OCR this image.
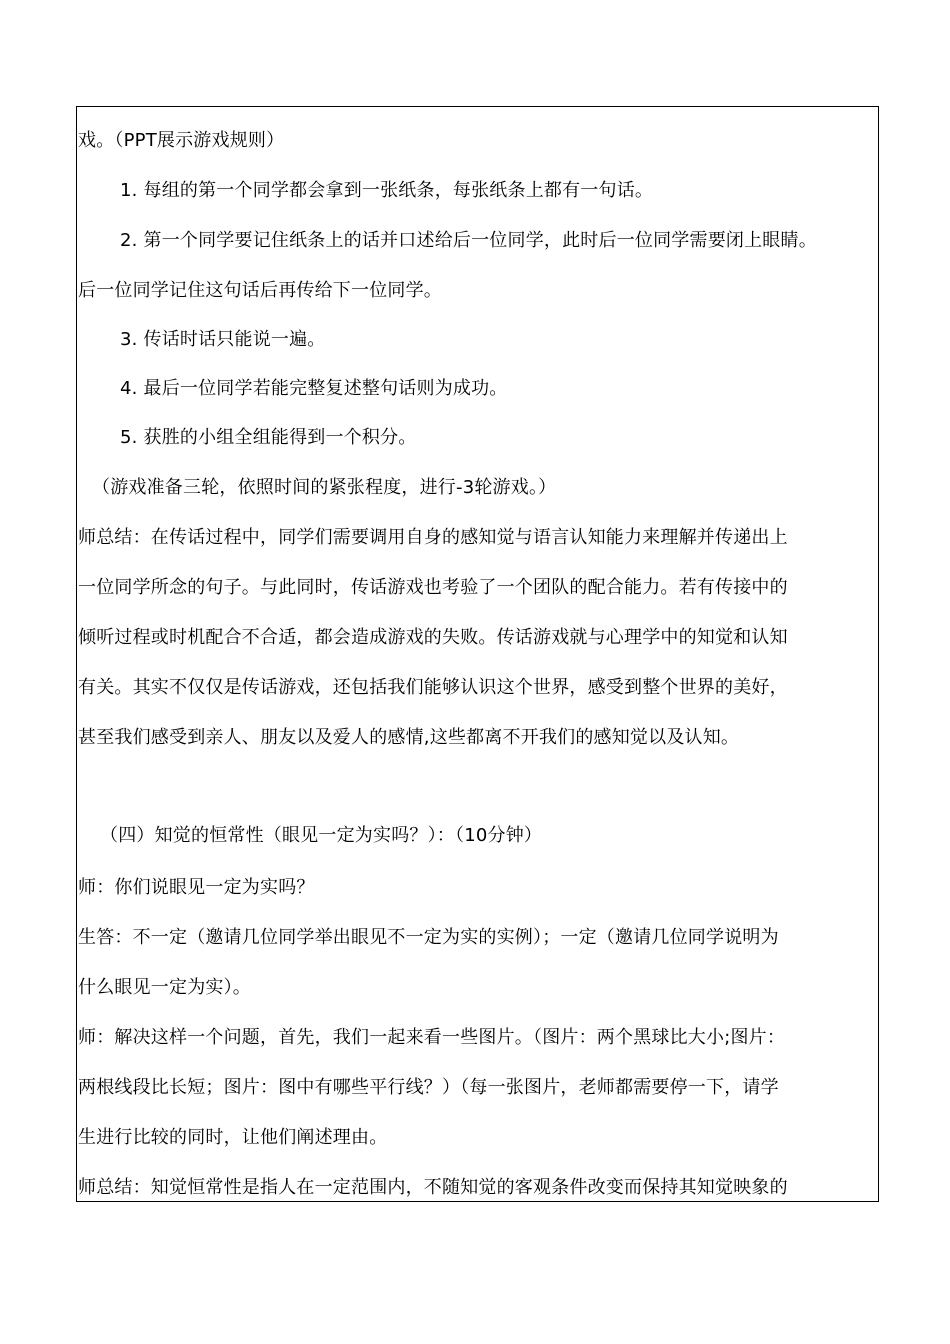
戏。（PPT展示游戏规则）
1. 每组的第一个同学都会拿到一张纸条，每张纸条上都有一句话。
2. 第一个同学要记住纸条上的话并口述给后一位同学，此时后一位同学需要闭上眼睛。
后一位同学记住这句话后再传给下一位同学。
3. 传话时话只能说一遍。
4. 最后一位同学若能完整复述整句话则为成功。
5. 获胜的小组全组能得到一个积分。
（游戏准备三轮，依照时间的紧张程度，进行-3轮游戏。）
师总结：在传话过程中，同学们需要调用自身的感知觉与语言认知能力来理解并传递出上
一位同学所念的句子。与此同时，传话游戏也考验了一个团队的配合能力。若有传接中的
倾听过程或时机配合不合适，都会造成游戏的失败。传话游戏就与心理学中的知觉和认知
有关。其实不仅仅是传话游戏，还包括我们能够认识这个世界，感受到整个世界的美好，
甚至我们感受到亲人、朋友以及爱人的感情,这些都离不开我们的感知觉以及认知。
（四）知觉的恒常性（眼见一定为实吗？）：（10分钟）
师：你们说眼见一定为实吗？
生答：不一定（邀请几位同学举出眼见不一定为实的实例）；一定（邀请几位同学说明为
什么眼见一定为实）。
师：解决这样一个问题，首先，我们一起来看一些图片。（图片：两个黑球比大小;图片：
两根线段比长短；图片：图中有哪些平行线？）（每一张图片，老师都需要停一下，请学
生进行比较的同时，让他们阐述理由。
师总结：知觉恒常性是指人在一定范围内，不随知觉的客观条件改变而保持其知觉映象的
